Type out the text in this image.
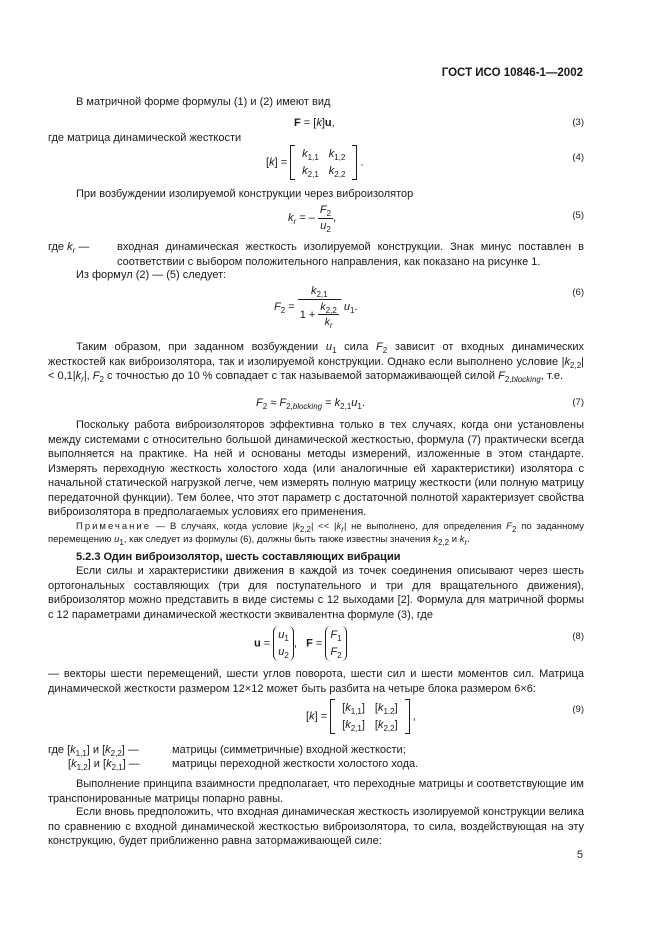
ГОСТ ИСО 10846-1—2002
В матричной форме формулы (1) и (2) имеют вид
F = [k]u,	(3)
где матрица динамической жесткости
[k] =
$k_{1,1}$	$k_{1,2}$
$k_{2,1}$	$k_{2,2}$
.	(4)
При возбуждении изолируемой конструкции через виброизолятор
$k_r$ = – $\frac{F_2}{u_2}$ ,	(5)
где $k_r$ —	входная динамическая жесткость изолируемой конструкции. Знак минус поставлен в соответствии с выбором положительного направления, как показано на рисунке 1.
Из формул (2) — (5) следует:
$F_2 = \frac{k_{2,1}}{1 + \frac{k_{2,2}}{k_r}} u_1$.
(6)
Таким образом, при заданном возбуждении $u_1$ сила $F_2$ зависит от входных динамических жесткостей как виброизолятора, так и изолируемой конструкции. Однако если выполнено условие $|k_{2,2}| < 0,1|k_r|$, $F_2$ с точностью до 10 % совпадает с так называемой затормаживающей силой $F_{2,blocking}$, т.е.
$F_2 \approx F_{2,blocking} = k_{2,1}u_1$.	(7)
Поскольку работа виброизоляторов эффективна только в тех случаях, когда они установлены между системами с относительно большой динамической жесткостью, формула (7) практически всегда выполняется на практике. На ней и основаны методы измерений, изложенные в этом стандарте. Измерять переходную жесткость холостого хода (или аналогичные ей характеристики) изолятора с начальной статической нагрузкой легче, чем измерять полную матрицу жесткости (или полную матрицу передаточной функции). Тем более, что этот параметр с достаточной полнотой характеризует свойства виброизолятора в предполагаемых условиях его применения.
Примечание — В случаях, когда условие $|k_{2,2}| << |k_r|$ не выполнено, для определения $F_2$ по заданному перемещению $u_1$, как следует из формулы (6), должны быть также известны значения $k_{2,2}$ и $k_r$.
5.2.3 Один виброизолятор, шесть составляющих вибрации
Если силы и характеристики движения в каждой из точек соединения описывают через шесть ортогональных составляющих (три для поступательного и три для вращательного движения), виброизолятор можно представить в виде системы с 12 выходами [2]. Формула для матричной формы с 12 параметрами динамической жесткости эквивалентна формуле (3), где
u =
$u_1$
$u_2$
,   F =
$F_1$
$F_2$
(8)
— векторы шести перемещений, шести углов поворота, шести сил и шести моментов сил. Матрица динамической жесткости размером 12×12 может быть разбита на четыре блока размером 6×6:
[k] =
$[k_{1,1}]$	$[k_{1,2}]$
$[k_{2,1}]$	$[k_{2,2}]$
,
(9)
где $[k_{1,1}]$ и $[k_{2,2}]$ —	матрицы (симметричные) входной жесткости;
$[k_{1,2}]$ и $[k_{2,1}]$ —	матрицы переходной жесткости холостого хода.
Выполнение принципа взаимности предполагает, что переходные матрицы и соответствующие им транспонированные матрицы попарно равны.
Если вновь предположить, что входная динамическая жесткость изолируемой конструкции велика по сравнению с входной динамической жесткостью виброизолятора, то сила, воздействующая на эту конструкцию, будет приближенно равна затормаживающей силе:
5
